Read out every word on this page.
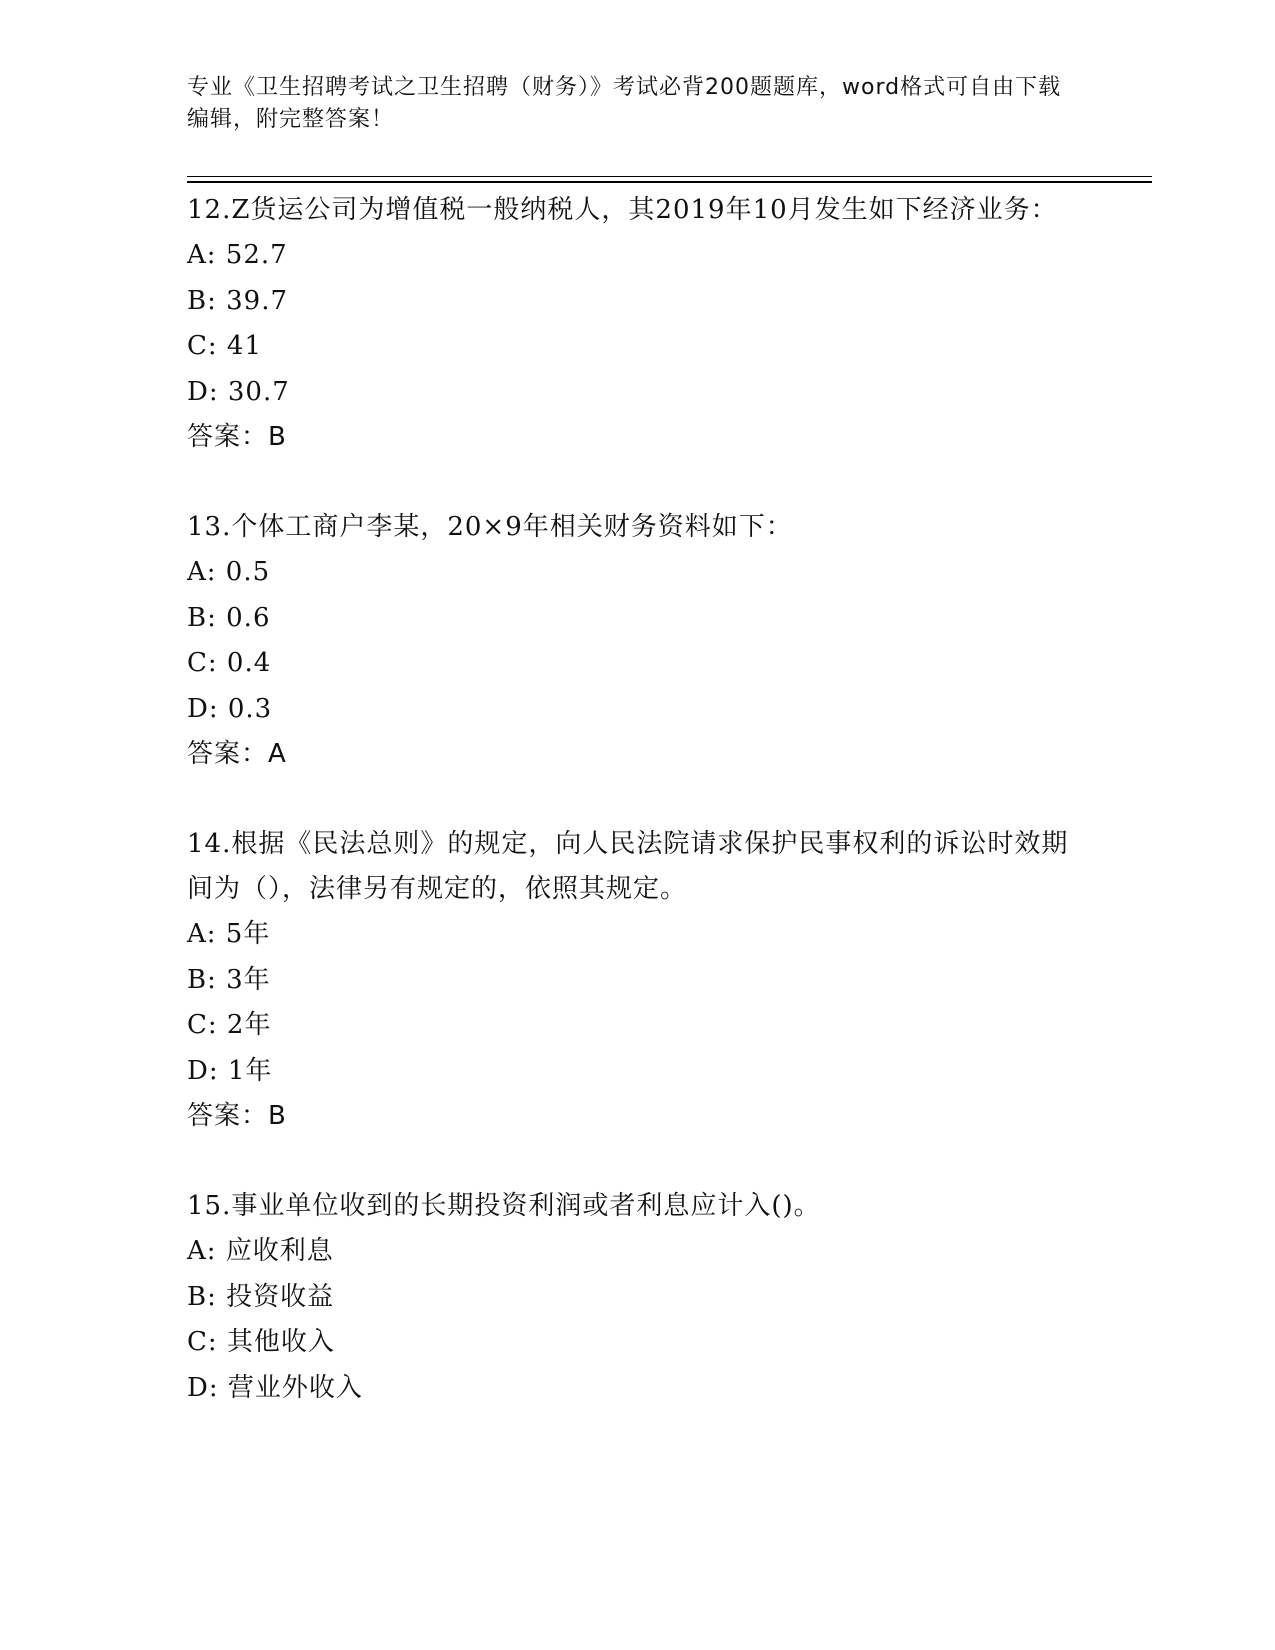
专业《卫生招聘考试之卫生招聘（财务）》考试必背200题题库，word格式可自由下载编辑，附完整答案！
12.Z货运公司为增值税一般纳税人，其2019年10月发生如下经济业务：
A: 52.7
B: 39.7
C: 41
D: 30.7
答案：B
13.个体工商户李某，20×9年相关财务资料如下：
A: 0.5
B: 0.6
C: 0.4
D: 0.3
答案：A
14.根据《民法总则》的规定，向人民法院请求保护民事权利的诉讼时效期间为（），法律另有规定的，依照其规定。
A: 5年
B: 3年
C: 2年
D: 1年
答案：B
15.事业单位收到的长期投资利润或者利息应计入()。
A: 应收利息
B: 投资收益
C: 其他收入
D: 营业外收入
